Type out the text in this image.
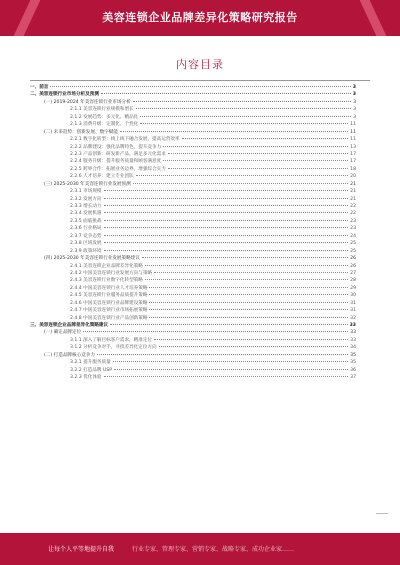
美容连锁企业品牌差异化策略研究报告
内容目录
一、前言	3
二、美容连锁行业市场分析及预测	3
(一) 2019-2024 年美容连锁行业市场分析	3
2.1.1 美容连锁行业规模和增长	3
2.1.2 发展趋势：多元化、精品化	3
2.1.3 消费升级：定制化、个性化	11
(二) 未来趋势：创新发展、数字赋能	11
2.2.1 数字化转型：线上线下融合发展，提高运营效率	11
2.2.2 品牌建设：强化品牌特色，提升竞争力	13
2.2.3 产品创新：研发新产品，满足多元化需求	17
2.2.4 服务升级：提升服务质量和顾客满意度	17
2.2.5 跨界合作：拓展业务边界，增强综合实力	18
2.2.6 人才培养：建立专业团队	20
(三) 2025-2030 年美容连锁行业发展预测	21
2.3.1 市场规模	21
2.3.2 发展方向	21
2.3.3 增长动力	22
2.3.4 发展机遇	22
2.3.5 面临挑战	23
2.3.6 行业格局	23
2.3.7 竞争态势	24
2.3.8 区域发展	25
2.3.9 政策环境	25
(四) 2025-2030 年美容连锁行业发展策略建议	26
2.4.1 美容连锁企业品牌差异化策略	26
2.4.2 中国美容连锁行业发展方向与策略	27
2.4.3 美容连锁行业数字化转型策略	28
2.4.4 中国美容连锁行业人才培养策略	29
2.4.5 美容连锁行业服务品质提升策略	30
2.4.6 中国美容连锁行业品牌建设策略	31
2.4.7 中国美容连锁行业市场拓展策略	31
2.4.8 中国美容连锁行业产品创新策略	32
三、美容连锁企业品牌差异化策略建议	33
(一) 确定品牌定位	33
3.1.1 深入了解目标客户需求，精准定位	33
3.1.2 分析竞争对手，寻找差异化定位方向	34
(二) 打造品牌核心竞争力	35
3.2.1 提升服务质量	35
3.2.2 打造品牌 USP	36
3.2.3 优化体验	37
让每个人平等地提升自我	行业专家、管理专家、营销专家、战略专家、成功企业家……
